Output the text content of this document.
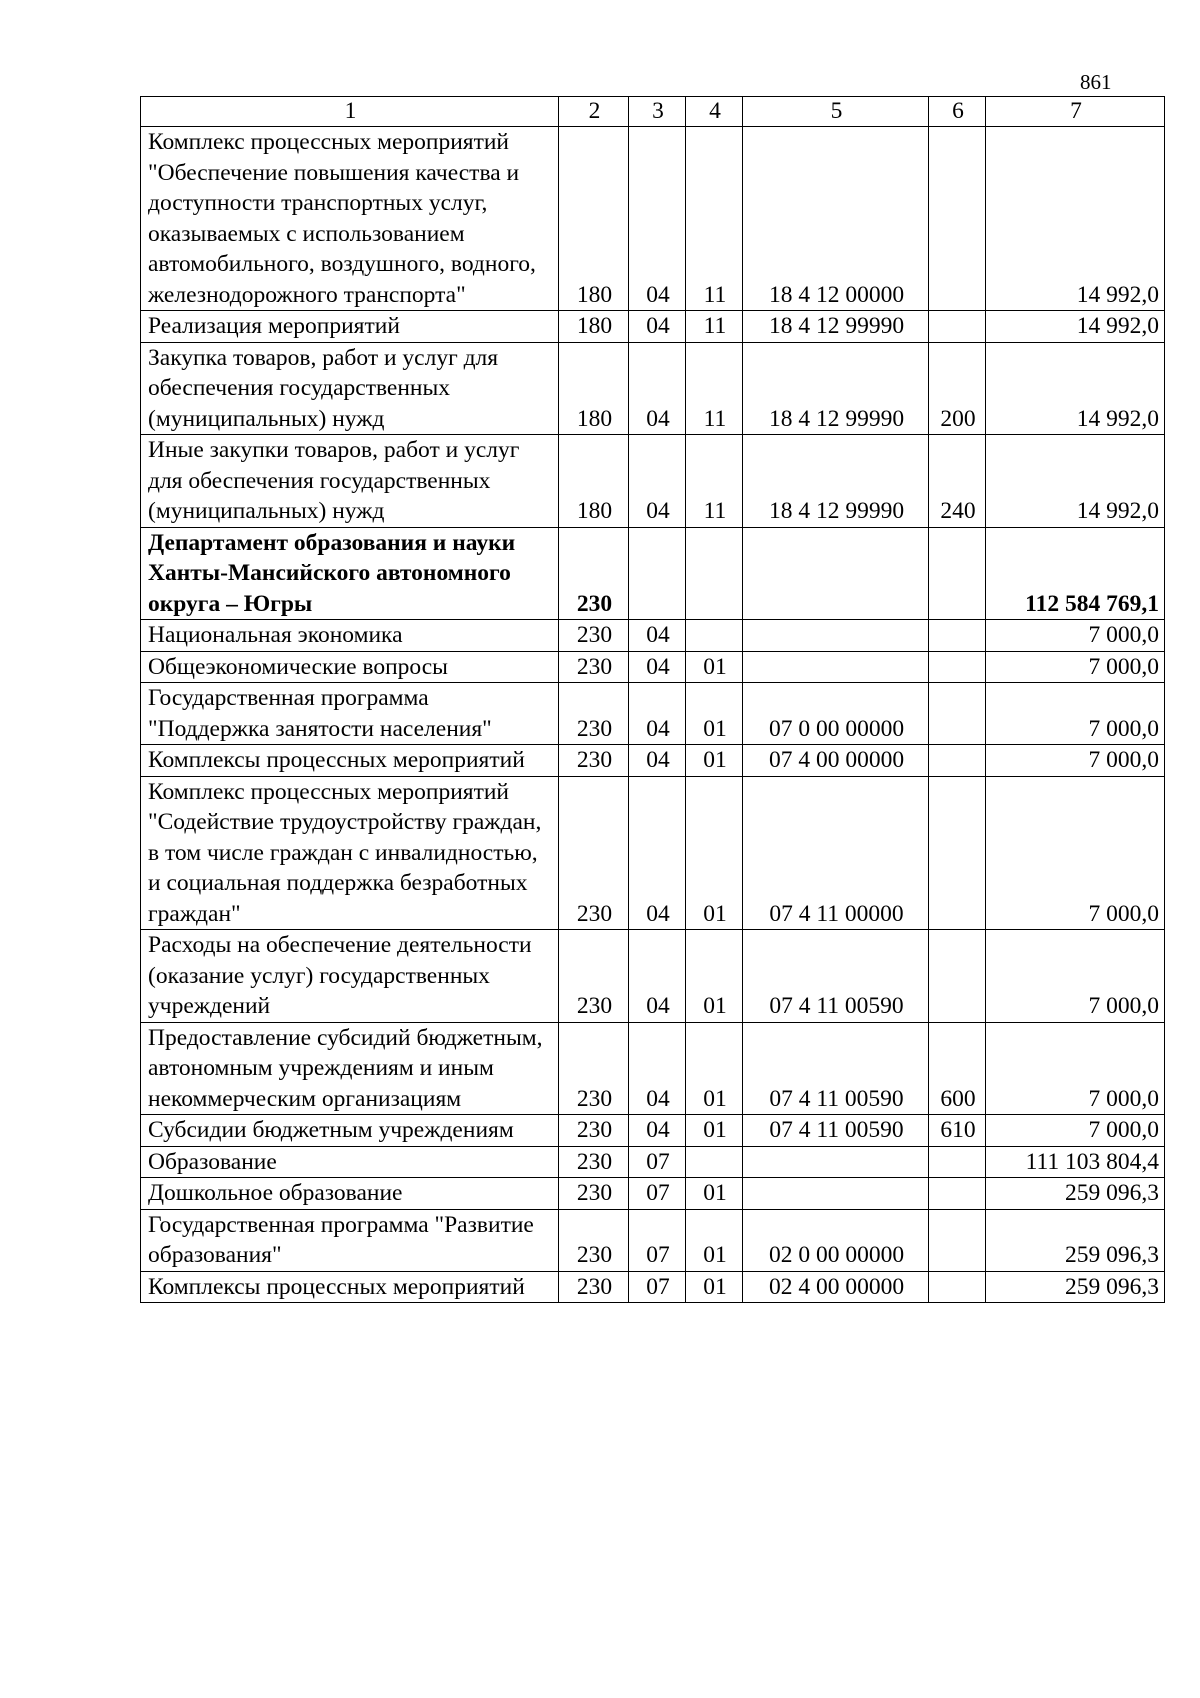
861
1	2	3	4	5	6	7
Комплекс процессных мероприятий "Обеспечение повышения качества и доступности транспортных услуг, оказываемых с использованием автомобильного, воздушного, водного, железнодорожного транспорта"	180	04	11	18 4 12 00000		14 992,0
Реализация мероприятий	180	04	11	18 4 12 99990		14 992,0
Закупка товаров, работ и услуг для обеспечения государственных (муниципальных) нужд	180	04	11	18 4 12 99990	200	14 992,0
Иные закупки товаров, работ и услуг для обеспечения государственных (муниципальных) нужд	180	04	11	18 4 12 99990	240	14 992,0
Департамент образования и науки Ханты-Мансийского автономного округа – Югры	230					112 584 769,1
Национальная экономика	230	04				7 000,0
Общеэкономические вопросы	230	04	01			7 000,0
Государственная программа "Поддержка занятости населения"	230	04	01	07 0 00 00000		7 000,0
Комплексы процессных мероприятий	230	04	01	07 4 00 00000		7 000,0
Комплекс процессных мероприятий "Содействие трудоустройству граждан, в том числе граждан с инвалидностью, и социальная поддержка безработных граждан"	230	04	01	07 4 11 00000		7 000,0
Расходы на обеспечение деятельности (оказание услуг) государственных учреждений	230	04	01	07 4 11 00590		7 000,0
Предоставление субсидий бюджетным, автономным учреждениям и иным некоммерческим организациям	230	04	01	07 4 11 00590	600	7 000,0
Субсидии бюджетным учреждениям	230	04	01	07 4 11 00590	610	7 000,0
Образование	230	07				111 103 804,4
Дошкольное образование	230	07	01			259 096,3
Государственная программа "Развитие образования"	230	07	01	02 0 00 00000		259 096,3
Комплексы процессных мероприятий	230	07	01	02 4 00 00000		259 096,3
